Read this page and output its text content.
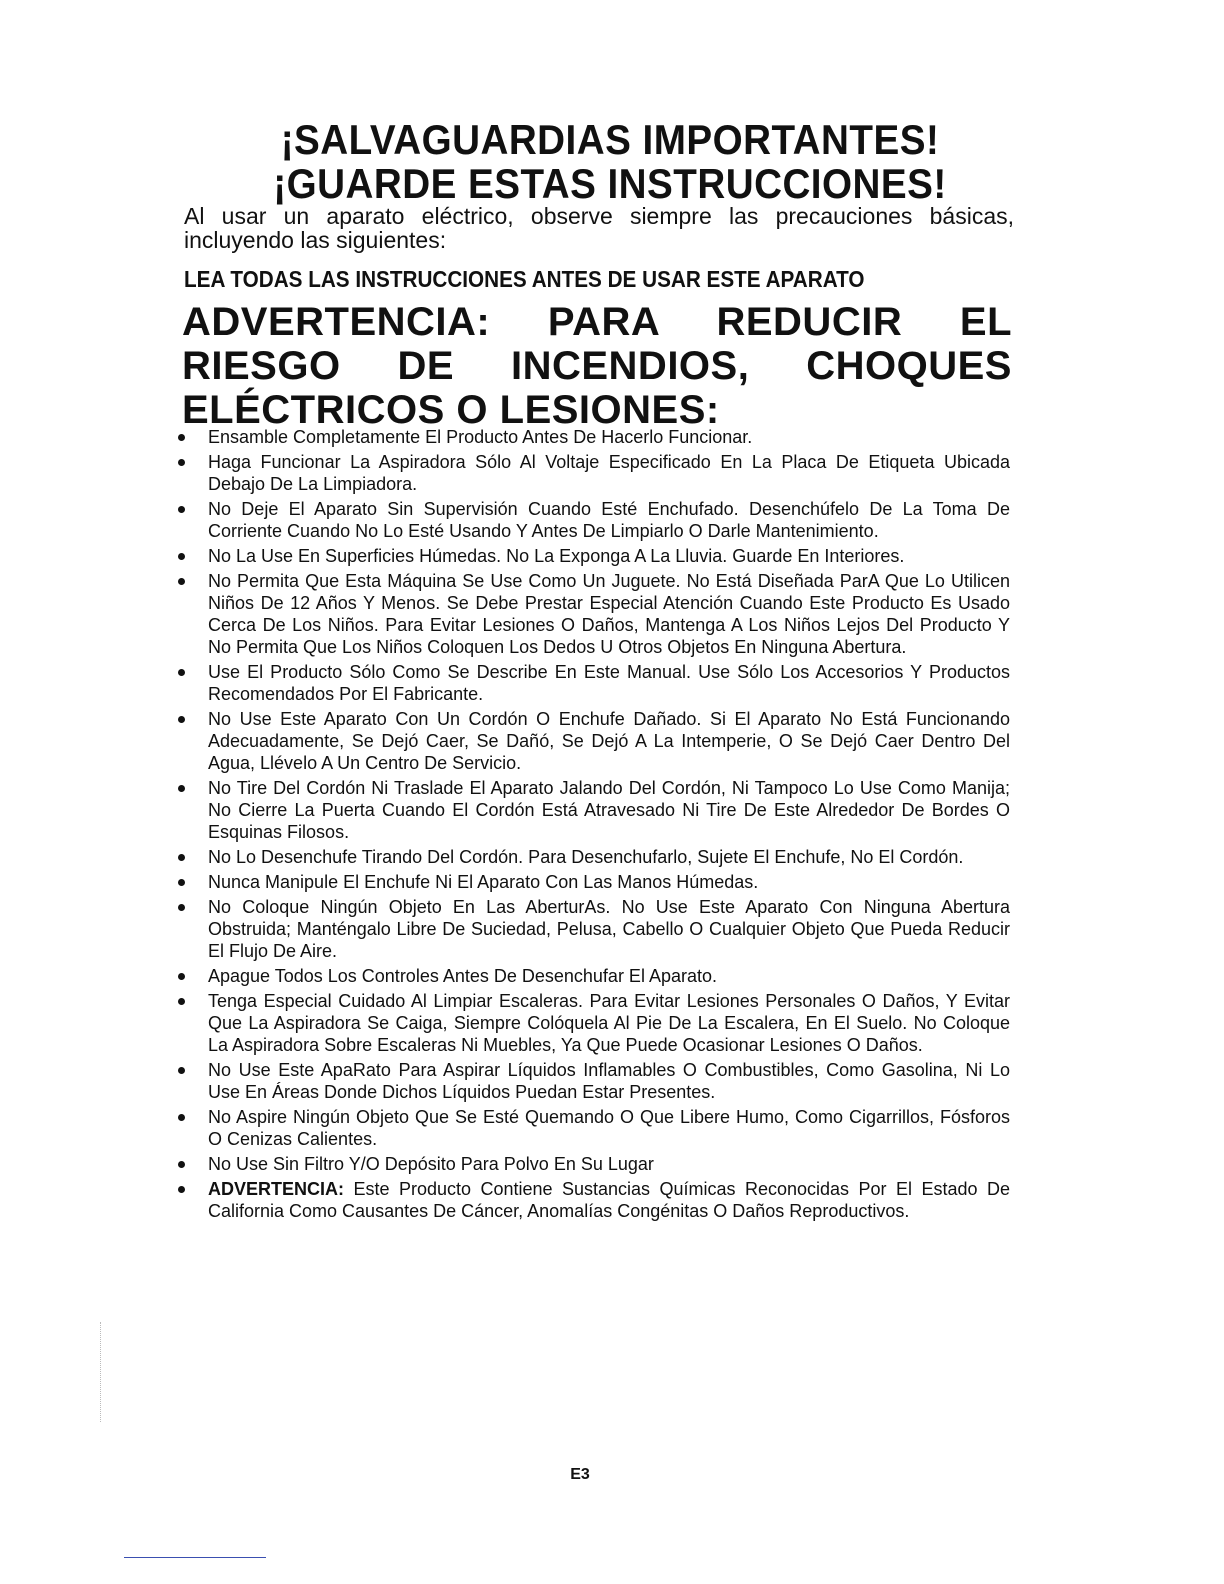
¡SALVAGUARDIAS IMPORTANTES!
¡GUARDE ESTAS INSTRUCCIONES!
Al usar un aparato eléctrico, observe siempre las precauciones básicas, incluyendo las siguientes:
LEA TODAS LAS INSTRUCCIONES ANTES DE USAR ESTE APARATO
ADVERTENCIA: PARA REDUCIR EL RIESGO DE INCENDIOS, CHOQUES ELÉCTRICOS O LESIONES:
Ensamble Completamente El Producto Antes De Hacerlo Funcionar.
Haga Funcionar La Aspiradora Sólo Al Voltaje Especificado En La Placa De Etiqueta Ubicada Debajo De La Limpiadora.
No Deje El Aparato Sin Supervisión Cuando Esté Enchufado. Desenchúfelo De La Toma De Corriente Cuando No Lo Esté Usando Y Antes De Limpiarlo O Darle Mantenimiento.
No La Use En Superficies Húmedas. No La Exponga A La Lluvia. Guarde En Interiores.
No Permita Que Esta Máquina Se Use Como Un Juguete. No Está Diseñada ParA Que Lo Utilicen Niños De 12 Años Y Menos. Se Debe Prestar Especial Atención Cuando Este Producto Es Usado Cerca De Los Niños. Para Evitar Lesiones O Daños, Mantenga A Los Niños Lejos Del Producto Y No Permita Que Los Niños Coloquen Los Dedos U Otros Objetos En Ninguna Abertura.
Use El Producto Sólo Como Se Describe En Este Manual. Use Sólo Los Accesorios Y Productos Recomendados Por El Fabricante.
No Use Este Aparato Con Un Cordón O Enchufe Dañado. Si El Aparato No Está Funcionando Adecuadamente, Se Dejó Caer, Se Dañó, Se Dejó A La Intemperie, O Se Dejó Caer Dentro Del Agua, Llévelo A Un Centro De Servicio.
No Tire Del Cordón Ni Traslade El Aparato Jalando Del Cordón, Ni Tampoco Lo Use Como Manija; No Cierre La Puerta Cuando El Cordón Está Atravesado Ni Tire De Este Alrededor De Bordes O Esquinas Filosos.
No Lo Desenchufe Tirando Del Cordón. Para Desenchufarlo, Sujete El Enchufe, No El Cordón.
Nunca Manipule El Enchufe Ni El Aparato Con Las Manos Húmedas.
No Coloque Ningún Objeto En Las AberturAs. No Use Este Aparato Con Ninguna Abertura Obstruida; Manténgalo Libre De Suciedad, Pelusa, Cabello O Cualquier Objeto Que Pueda Reducir El Flujo De Aire.
Apague Todos Los Controles Antes De Desenchufar El Aparato.
Tenga Especial Cuidado Al Limpiar Escaleras. Para Evitar Lesiones Personales O Daños, Y Evitar Que La Aspiradora Se Caiga, Siempre Colóquela Al Pie De La Escalera, En El Suelo. No Coloque La Aspiradora Sobre Escaleras Ni Muebles, Ya Que Puede Ocasionar Lesiones O Daños.
No Use Este ApaRato Para Aspirar Líquidos Inflamables O Combustibles, Como Gasolina, Ni Lo Use En Áreas Donde Dichos Líquidos Puedan Estar Presentes.
No Aspire Ningún Objeto Que Se Esté Quemando O Que Libere Humo, Como Cigarrillos, Fósforos O Cenizas Calientes.
No Use Sin Filtro Y/O Depósito Para Polvo En Su Lugar
ADVERTENCIA: Este Producto Contiene Sustancias Químicas Reconocidas Por El Estado De California Como Causantes De Cáncer, Anomalías Congénitas O Daños Reproductivos.
E3
